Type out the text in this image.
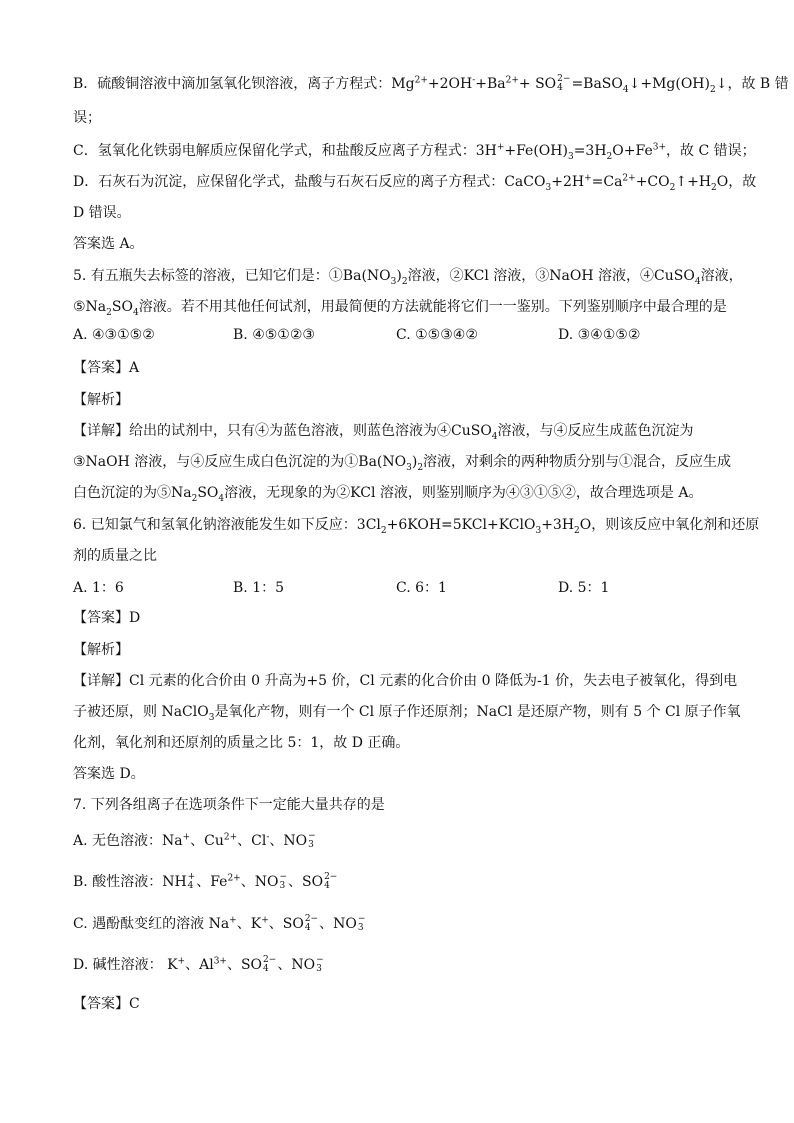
B．硫酸铜溶液中滴加氢氧化钡溶液，离子方程式：$Mg^{2+}+2OH^-+Ba^{2+}+$ SO 2−
$4 =BaSO_4↓+Mg(OH)_2↓$，故 B 错
误；
C．氢氧化化铁弱电解质应保留化学式，和盐酸反应离子方程式：$3H^++Fe(OH)_3=3H_2O+Fe^{3+}$，故 C 错误；
D．石灰石为沉淀，应保留化学式，盐酸与石灰石反应的离子方程式：$CaCO_3+2H^+=Ca^{2+}+CO_2↑+H_2O$，故
D 错误。
答案选 A。
5. 有五瓶失去标签的溶液，已知它们是：$①Ba(NO_3)_2$溶液，②KCl 溶液，③NaOH 溶液，④CuSO$_4$溶液，
$⑤Na_2SO_4$溶液。若不用其他任何试剂，用最简便的方法就能将它们一一鉴别。下列鉴别顺序中最合理的是
A. ④③①⑤②	B. ④⑤①②③	C. ①⑤③④②	D. ③④①⑤②
【答案】A
【解析】
【详解】给出的试剂中，只有④为蓝色溶液，则蓝色溶液为④CuSO$_4$溶液，与④反应生成蓝色沉淀为
③NaOH 溶液，与④反应生成白色沉淀的为$①Ba(NO_3)_2$溶液，对剩余的两种物质分别与①混合，反应生成
白色沉淀的为$⑤Na_2SO_4$溶液，无现象的为②KCl 溶液，则鉴别顺序为④③①⑤②，故合理选项是 A。
6. 已知氯气和氢氧化钠溶液能发生如下反应：$3Cl_2+6KOH=5KCl+KClO_3+3H_2O$，则该反应中氧化剂和还原
剂的质量之比
A. 1：6	B. 1：5	C. 6：1	D. 5：1
【答案】D
【解析】
【详解】Cl 元素的化合价由 0 升高为+5 价，Cl 元素的化合价由 0 降低为-1 价，失去电子被氧化，得到电
子被还原，则 NaClO$_3$是氧化产物，则有一个 Cl 原子作还原剂；NaCl 是还原产物，则有 5 个 Cl 原子作氧
化剂，氧化剂和还原剂的质量之比 5：1，故 D 正确。
答案选 D。
7. 下列各组离子在选项条件下一定能大量共存的是
A. 无色溶液：Na+、$Cu^{2+}$、Cl-、NO −
3
B. 酸性溶液：NH +
4 、$Fe^{2+}$、NO −
3 、SO 2−
4
C. 遇酚酞变红的溶液 Na+、K+、SO 2−
4 、NO −
3
D. 碱性溶液： K+、$Al^{3+}$、SO 2−
4 、NO −
3
【答案】C
